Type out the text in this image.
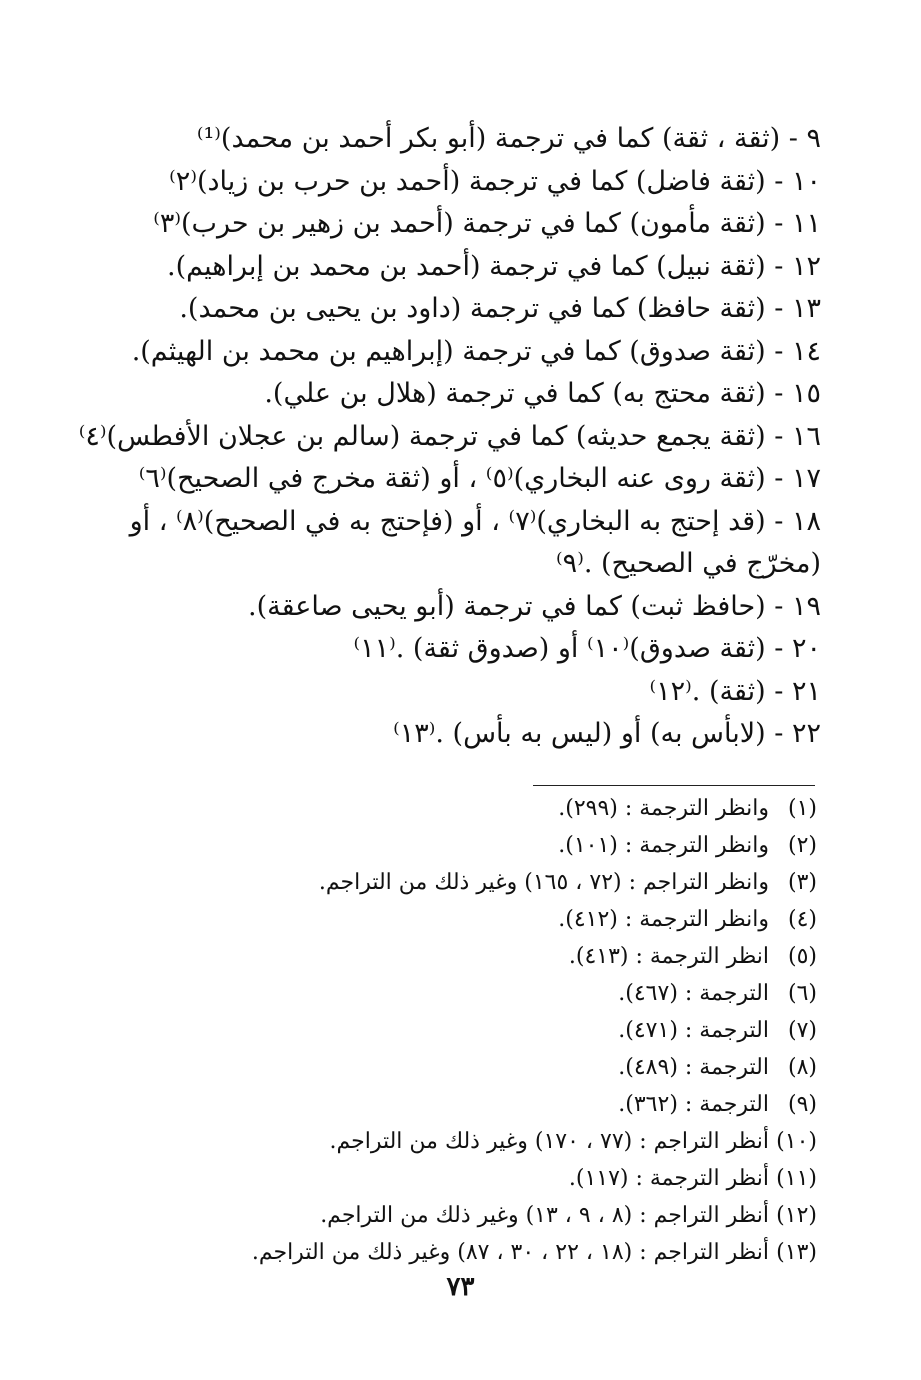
٩ - (ثقة ، ثقة) كما في ترجمة (أبو بكر أحمد بن محمد)⁽¹⁾
١٠ - (ثقة فاضل) كما في ترجمة (أحمد بن حرب بن زياد)⁽٢⁾
١١ - (ثقة مأمون) كما في ترجمة (أحمد بن زهير بن حرب)⁽٣⁾
١٢ - (ثقة نبيل) كما في ترجمة (أحمد بن محمد بن إبراهيم).
١٣ - (ثقة حافظ) كما في ترجمة (داود بن يحيى بن محمد).
١٤ - (ثقة صدوق) كما في ترجمة (إبراهيم بن محمد بن الهيثم).
١٥ - (ثقة محتج به) كما في ترجمة (هلال بن علي).
١٦ - (ثقة يجمع حديثه) كما في ترجمة (سالم بن عجلان الأفطس)⁽٤⁾
١٧ - (ثقة روى عنه البخاري)⁽٥⁾ ، أو (ثقة مخرج في الصحيح)⁽٦⁾
١٨ - (قد إحتج به البخاري)⁽٧⁾ ، أو (فإحتج به في الصحيح)⁽٨⁾ ، أو (مخرّج في الصحيح) .⁽٩⁾
١٩ - (حافظ ثبت) كما في ترجمة (أبو يحيى صاعقة).
٢٠ - (ثقة صدوق)⁽١٠⁾ أو (صدوق ثقة) .⁽١١⁾
٢١ - (ثقة) .⁽١٢⁾
٢٢ - (لابأس به) أو (ليس به بأس) .⁽١٣⁾
(١)وانظر الترجمة : (٢٩٩).
(٢)وانظر الترجمة : (١٠١).
(٣)وانظر التراجم : (٧٢ ، ١٦٥) وغير ذلك من التراجم.
(٤)وانظر الترجمة : (٤١٢).
(٥)انظر الترجمة : (٤١٣).
(٦)الترجمة : (٤٦٧).
(٧)الترجمة : (٤٧١).
(٨)الترجمة : (٤٨٩).
(٩)الترجمة : (٣٦٢).
(١٠)أنظر التراجم : (٧٧ ، ١٧٠) وغير ذلك من التراجم.
(١١)أنظر الترجمة : (١١٧).
(١٢)أنظر التراجم : (٨ ، ٩ ، ١٣) وغير ذلك من التراجم.
(١٣)أنظر التراجم : (١٨ ، ٢٢ ، ٣٠ ، ٨٧) وغير ذلك من التراجم.
٧٣
